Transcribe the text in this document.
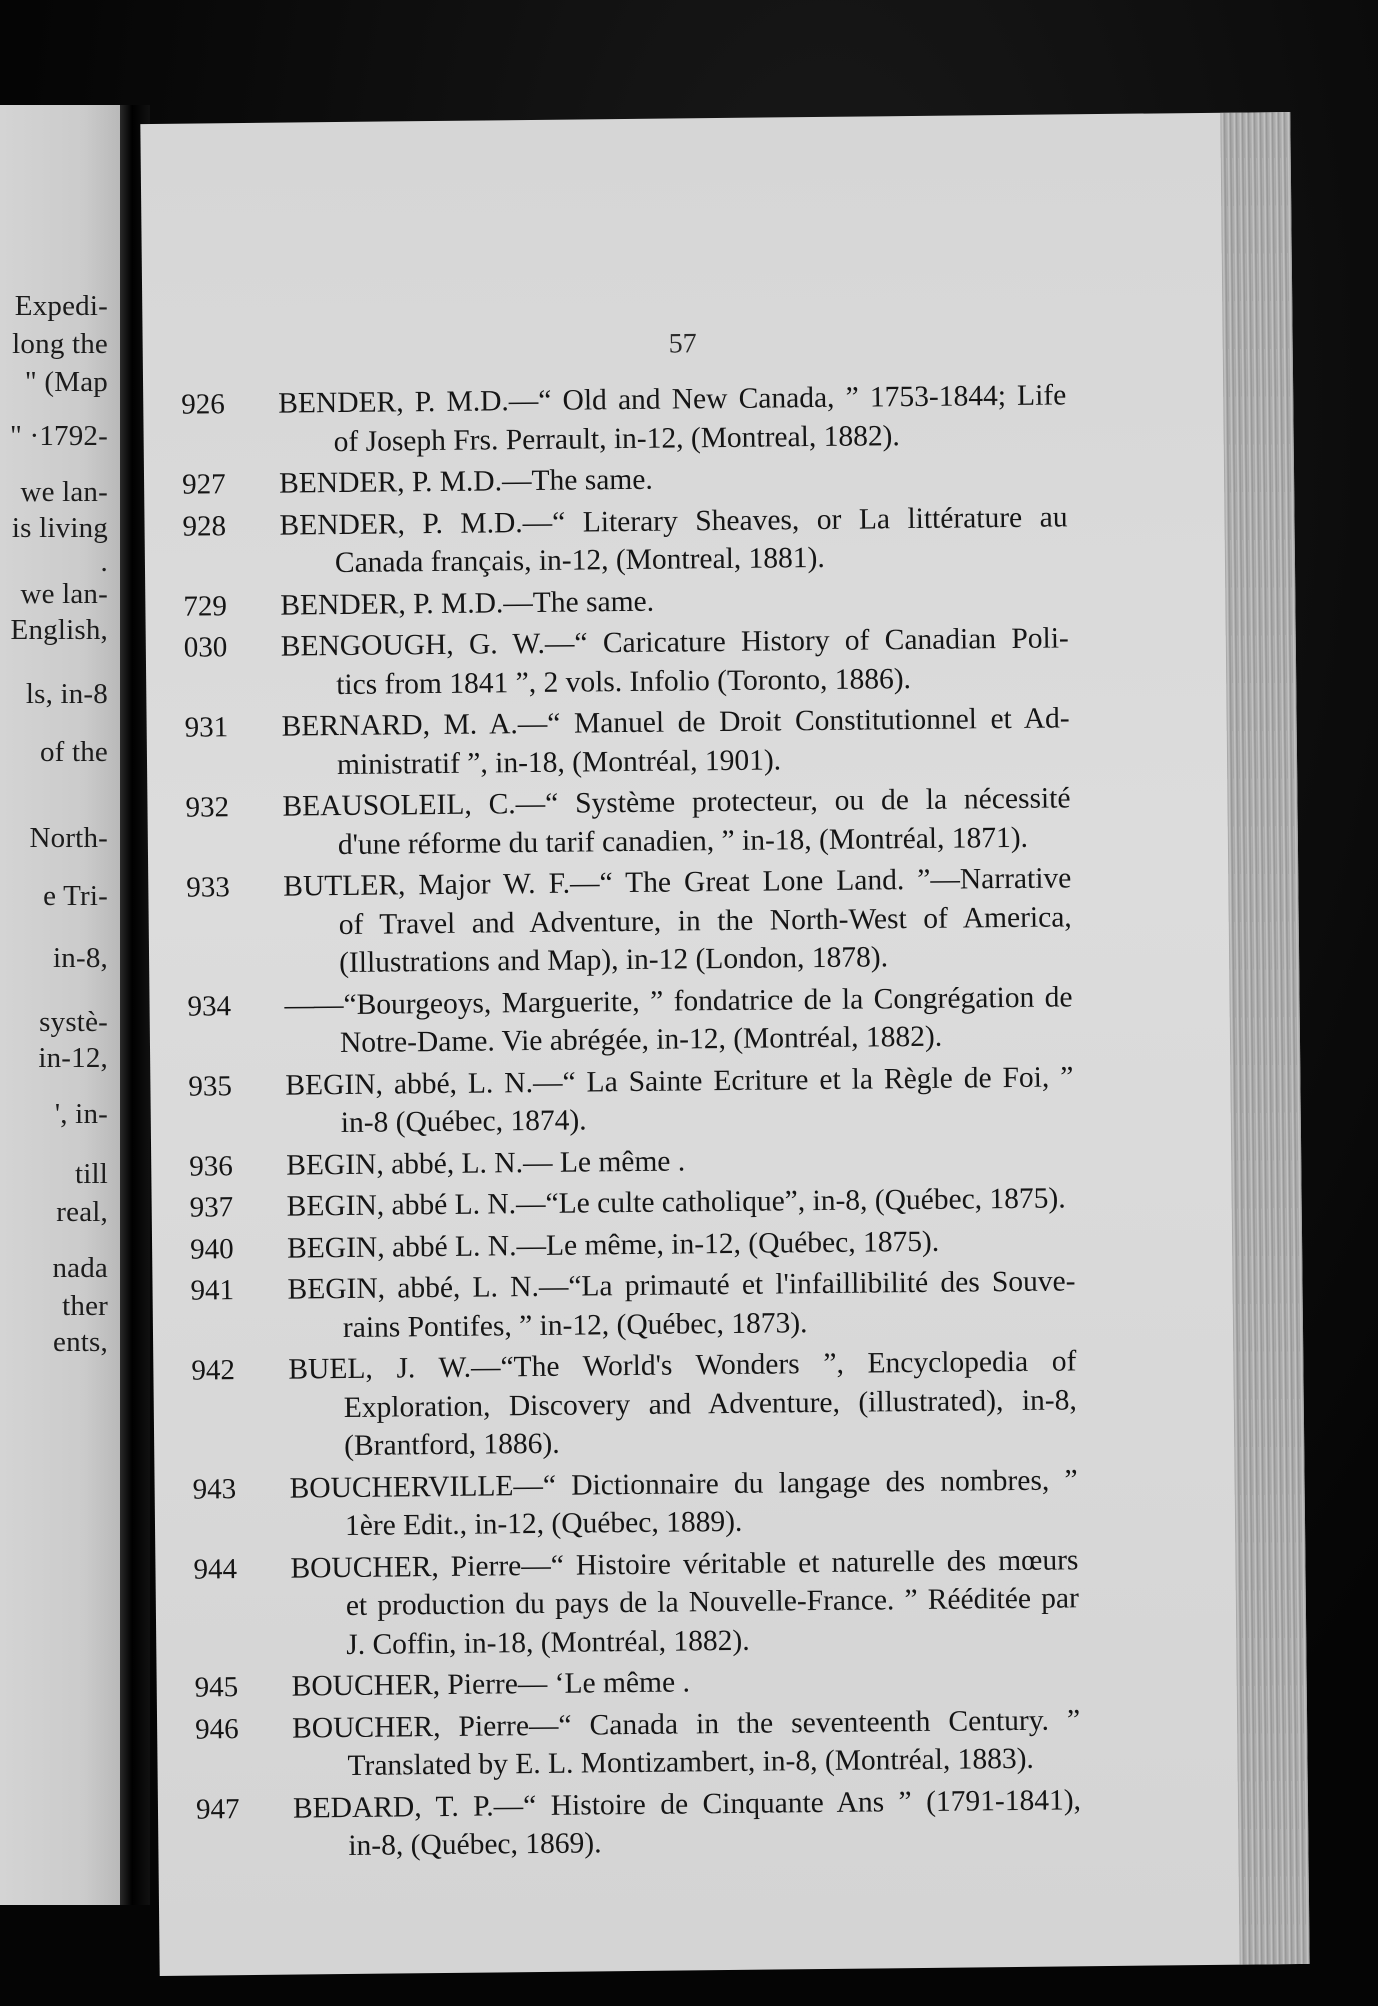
Expedi-
long the
" (Map
" ·1792-
we lan-
is living
.
we lan-
English,
ls, in-8
of the
North-
e Tri-
in-8,
systè-
in-12,
', in-
till
real,
nada
ther
ents,
57
926	BENDER, P. M.D.—“ Old and New Canada, ” 1753-1844; Life
of Joseph Frs. Perrault, in-12, (Montreal, 1882).
927	BENDER, P. M.D.—The same.
928	BENDER, P. M.D.—“ Literary Sheaves, or La littérature au
Canada français, in-12, (Montreal, 1881).
729	BENDER, P. M.D.—The same.
030	BENGOUGH, G. W.—“ Caricature History of Canadian Poli-
tics from 1841 ”, 2 vols. Infolio (Toronto, 1886).
931	BERNARD, M. A.—“ Manuel de Droit Constitutionnel et Ad-
ministratif ”, in-18, (Montréal, 1901).
932	BEAUSOLEIL, C.—“ Système protecteur, ou de la nécessité
d'une réforme du tarif canadien, ” in-18, (Montréal, 1871).
933	BUTLER, Major W. F.—“ The Great Lone Land. ”—Narrative
of Travel and Adventure, in the North-West of America,
(Illustrations and Map), in-12 (London, 1878).
934	——“Bourgeoys, Marguerite, ” fondatrice de la Congrégation de
Notre-Dame. Vie abrégée, in-12, (Montréal, 1882).
935	BEGIN, abbé, L. N.—“ La Sainte Ecriture et la Règle de Foi, ”
in-8 (Québec, 1874).
936	BEGIN, abbé, L. N.— Le même .
937	BEGIN, abbé L. N.—“Le culte catholique”, in-8, (Québec, 1875).
940	BEGIN, abbé L. N.—Le même, in-12, (Québec, 1875).
941	BEGIN, abbé, L. N.—“La primauté et l'infaillibilité des Souve-
rains Pontifes, ” in-12, (Québec, 1873).
942	BUEL, J. W.—“The World's Wonders ”, Encyclopedia of
Exploration, Discovery and Adventure, (illustrated), in-8,
(Brantford, 1886).
943	BOUCHERVILLE—“ Dictionnaire du langage des nombres, ”
1ère Edit., in-12, (Québec, 1889).
944	BOUCHER, Pierre—“ Histoire véritable et naturelle des mœurs
et production du pays de la Nouvelle-France. ” Rééditée par
J. Coffin, in-18, (Montréal, 1882).
945	BOUCHER, Pierre— ‘Le même .
946	BOUCHER, Pierre—“ Canada in the seventeenth Century. ”
Translated by E. L. Montizambert, in-8, (Montréal, 1883).
947	BEDARD, T. P.—“ Histoire de Cinquante Ans ” (1791-1841),
in-8, (Québec, 1869).
